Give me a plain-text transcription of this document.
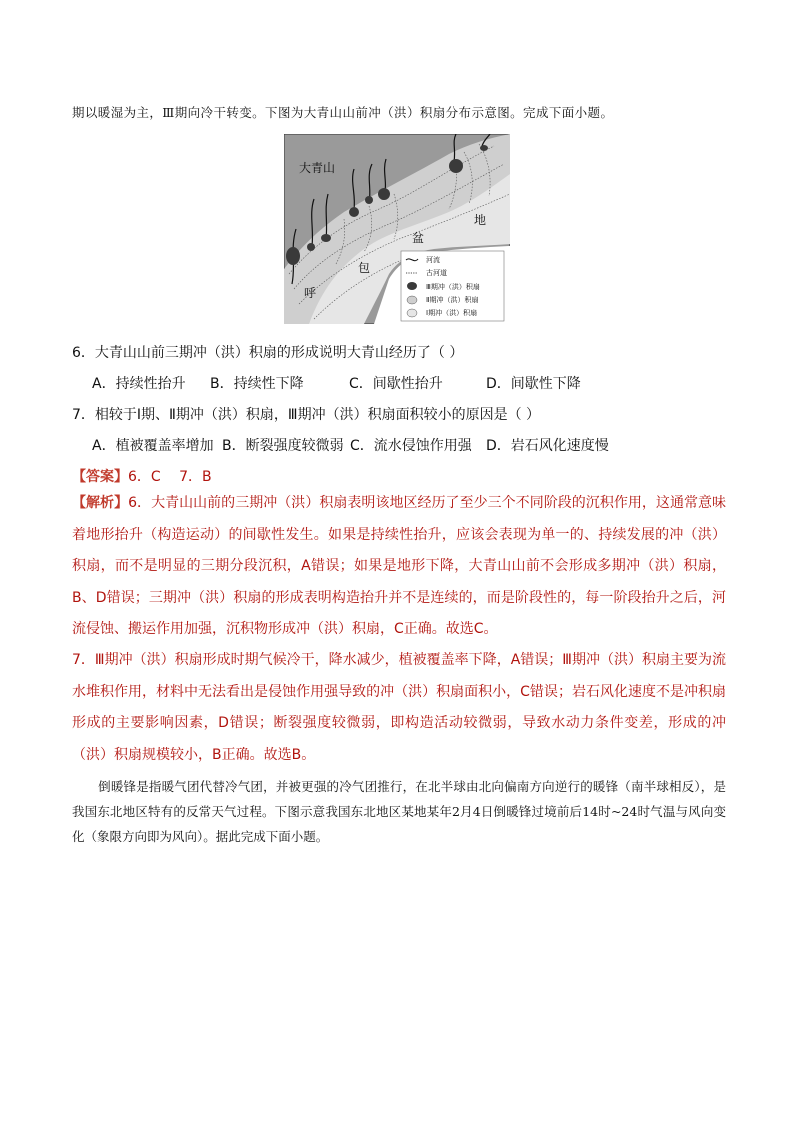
期以暖湿为主，Ⅲ期向冷干转变。下图为大青山山前冲（洪）积扇分布示意图。完成下面小题。
大青山
盆
地
包
呼
河流
古河道
Ⅲ期冲（洪）积扇
Ⅱ期冲（洪）积扇
Ⅰ期冲（洪）积扇
6．大青山山前三期冲（洪）积扇的形成说明大青山经历了（ ）
A．持续性抬升 B．持续性下降	C．间歇性抬升	D．间歇性下降
7．相较于Ⅰ期、Ⅱ期冲（洪）积扇，Ⅲ期冲（洪）积扇面积较小的原因是（ ）
A．植被覆盖率增加 B．断裂强度较微弱 C．流水侵蚀作用强 D．岩石风化速度慢
【答案】6．C　 7．B
【解析】6．大青山山前的三期冲（洪）积扇表明该地区经历了至少三个不同阶段的沉积作用，这通常意味着地形抬升（构造运动）的间歇性发生。如果是持续性抬升，应该会表现为单一的、持续发展的冲（洪）积扇，而不是明显的三期分段沉积，A错误；如果是地形下降，大青山山前不会形成多期冲（洪）积扇，B、D错误；三期冲（洪）积扇的形成表明构造抬升并不是连续的，而是阶段性的，每一阶段抬升之后，河流侵蚀、搬运作用加强，沉积物形成冲（洪）积扇，C正确。故选C。
7．Ⅲ期冲（洪）积扇形成时期气候冷干，降水减少，植被覆盖率下降，A错误；Ⅲ期冲（洪）积扇主要为流水堆积作用，材料中无法看出是侵蚀作用强导致的冲（洪）积扇面积小，C错误；岩石风化速度不是冲积扇形成的主要影响因素，D错误；断裂强度较微弱，即构造活动较微弱，导致水动力条件变差，形成的冲（洪）积扇规模较小，B正确。故选B。
倒暖锋是指暖气团代替冷气团，并被更强的冷气团推行，在北半球由北向偏南方向逆行的暖锋（南半球相反），是我国东北地区特有的反常天气过程。下图示意我国东北地区某地某年2月4日倒暖锋过境前后14时~24时气温与风向变化（象限方向即为风向）。据此完成下面小题。
